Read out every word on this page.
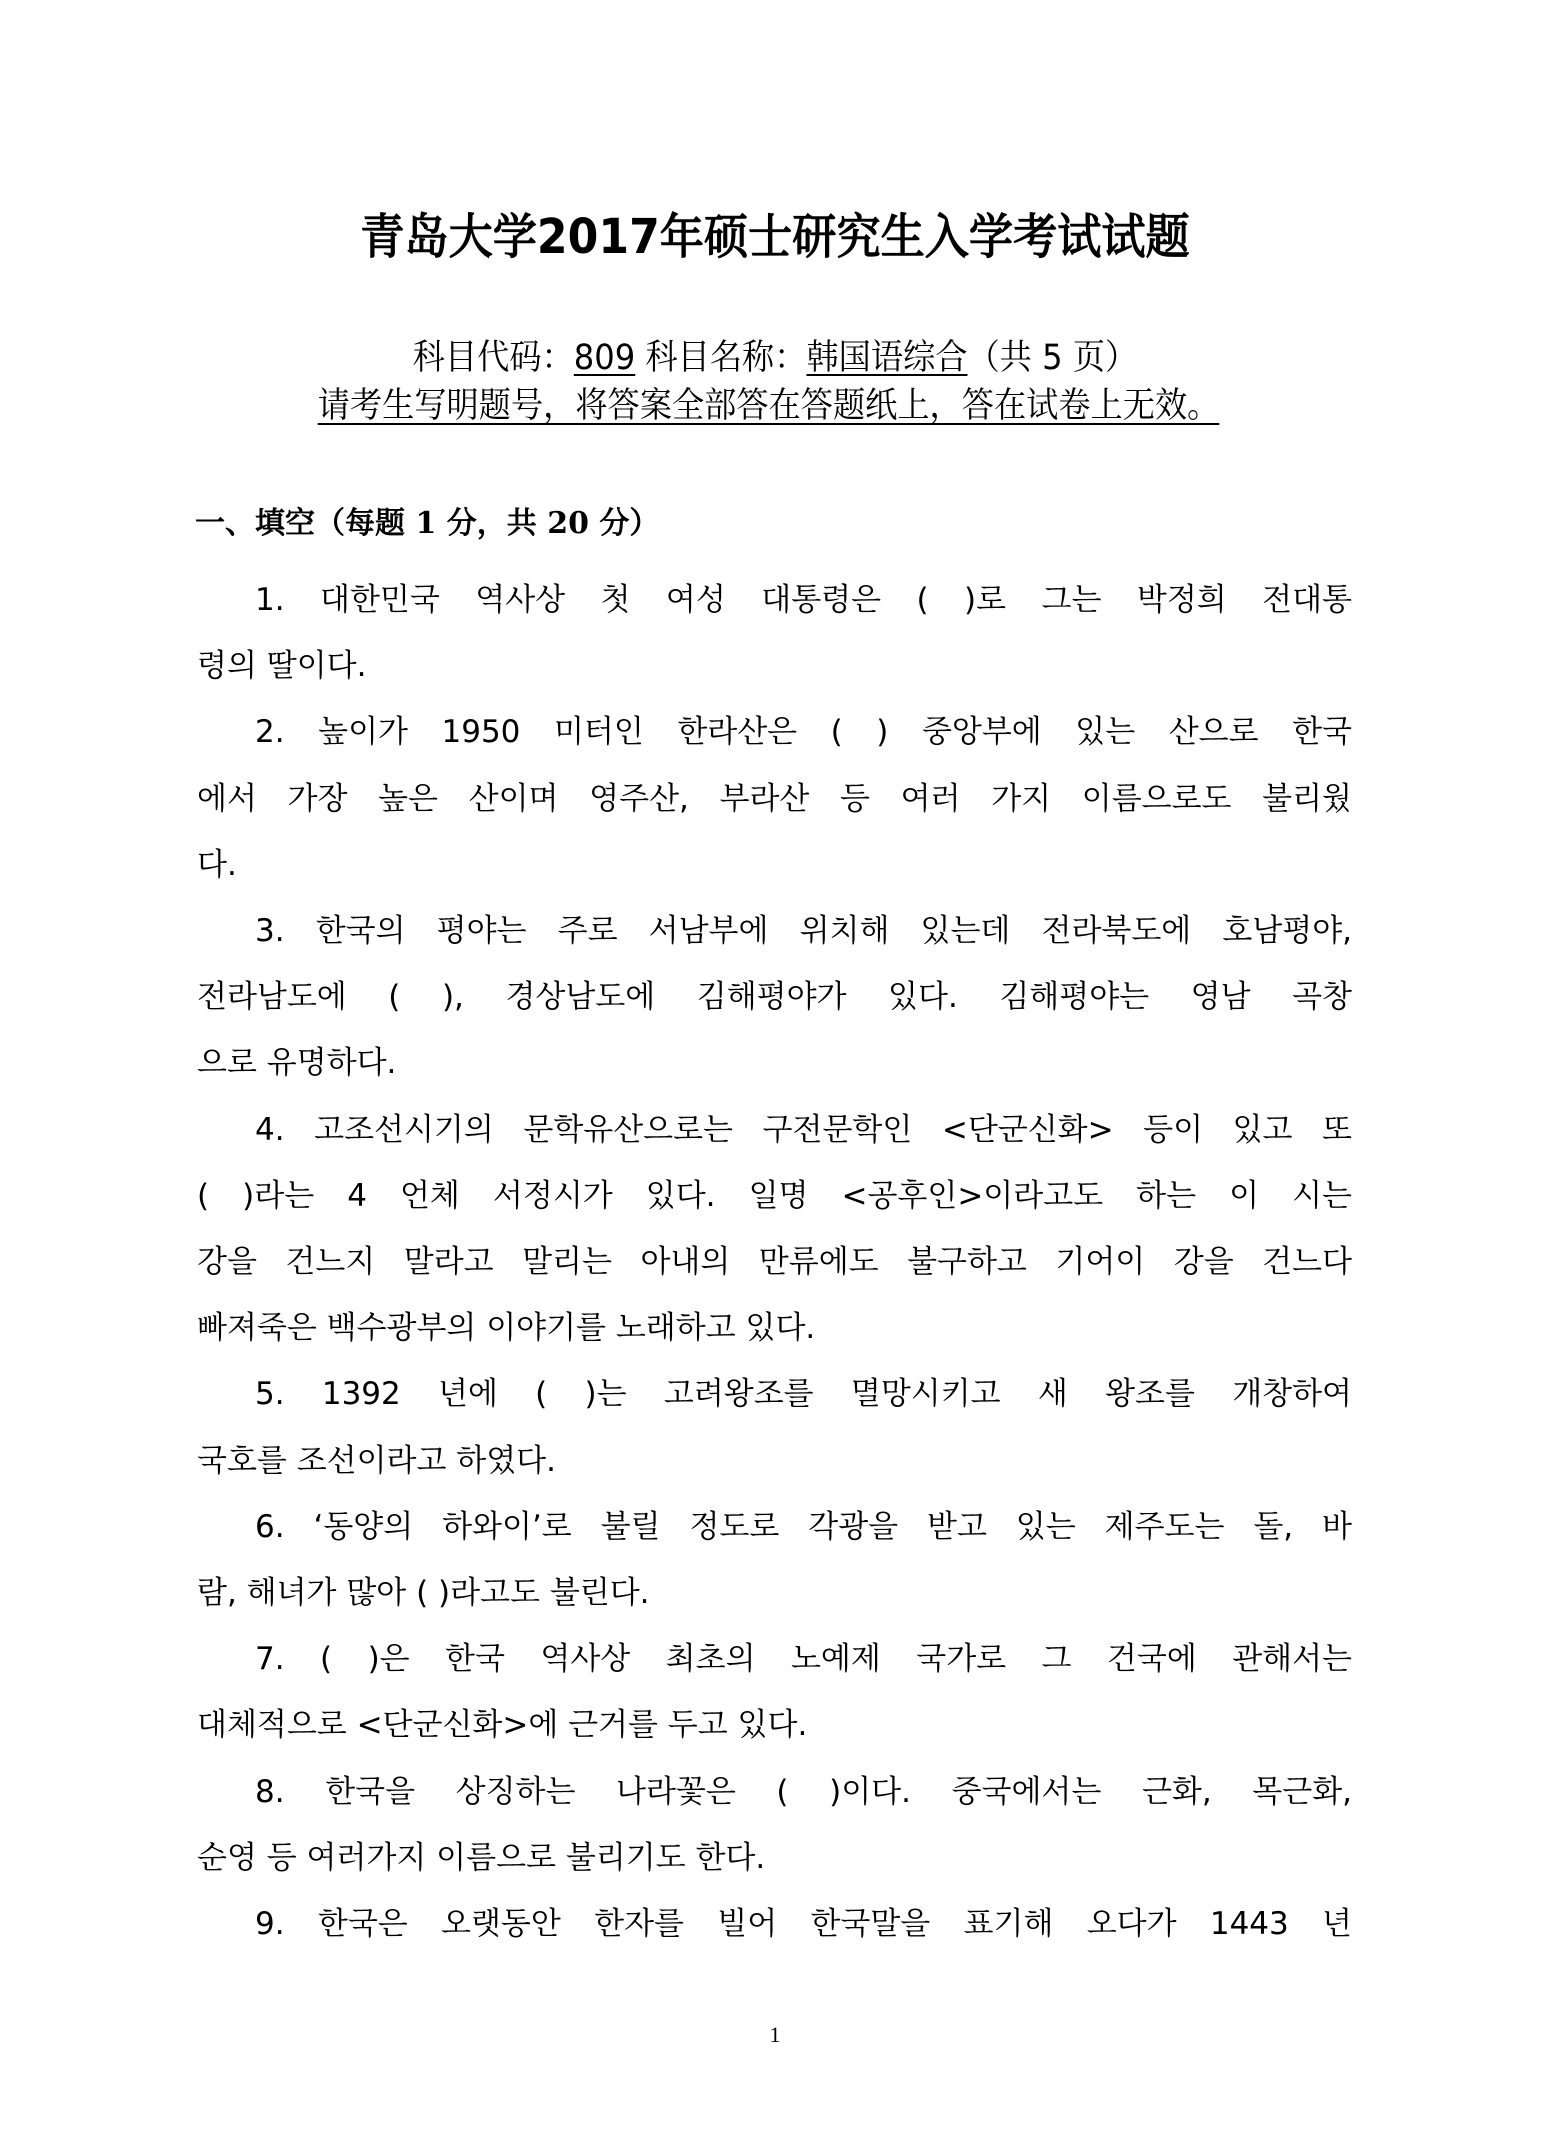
青岛大学2017年硕士研究生入学考试试题
科目代码：809 科目名称：韩国语综合（共 5 页）
请考生写明题号，将答案全部答在答题纸上，答在试卷上无效。
一、填空（每题 1 分，共 20 分）
1. 대한민국 역사상 첫 여성 대통령은 ( )로 그는 박정희 전대통
령의 딸이다.
2. 높이가 1950 미터인 한라산은 ( ) 중앙부에 있는 산으로 한국
에서 가장 높은 산이며 영주산, 부라산 등 여러 가지 이름으로도 불리웠
다.
3. 한국의 평야는 주로 서남부에 위치해 있는데 전라북도에 호남평야,
전라남도에 ( ), 경상남도에 김해평야가 있다. 김해평야는 영남 곡창
으로 유명하다.
4. 고조선시기의 문학유산으로는 구전문학인 <단군신화> 등이 있고 또
( )라는 4 언체 서정시가 있다. 일명 <공후인>이라고도 하는 이 시는
강을 건느지 말라고 말리는 아내의 만류에도 불구하고 기어이 강을 건느다
빠져죽은 백수광부의 이야기를 노래하고 있다.
5. 1392 년에 ( )는 고려왕조를 멸망시키고 새 왕조를 개창하여
국호를 조선이라고 하였다.
6. ‘동양의 하와이’로 불릴 정도로 각광을 받고 있는 제주도는 돌, 바
람, 해녀가 많아 ( )라고도 불린다.
7. ( )은 한국 역사상 최초의 노예제 국가로 그 건국에 관해서는
대체적으로 <단군신화>에 근거를 두고 있다.
8. 한국을 상징하는 나라꽃은 ( )이다. 중국에서는 근화, 목근화,
순영 등 여러가지 이름으로 불리기도 한다.
9. 한국은 오랫동안 한자를 빌어 한국말을 표기해 오다가 1443 년
1
